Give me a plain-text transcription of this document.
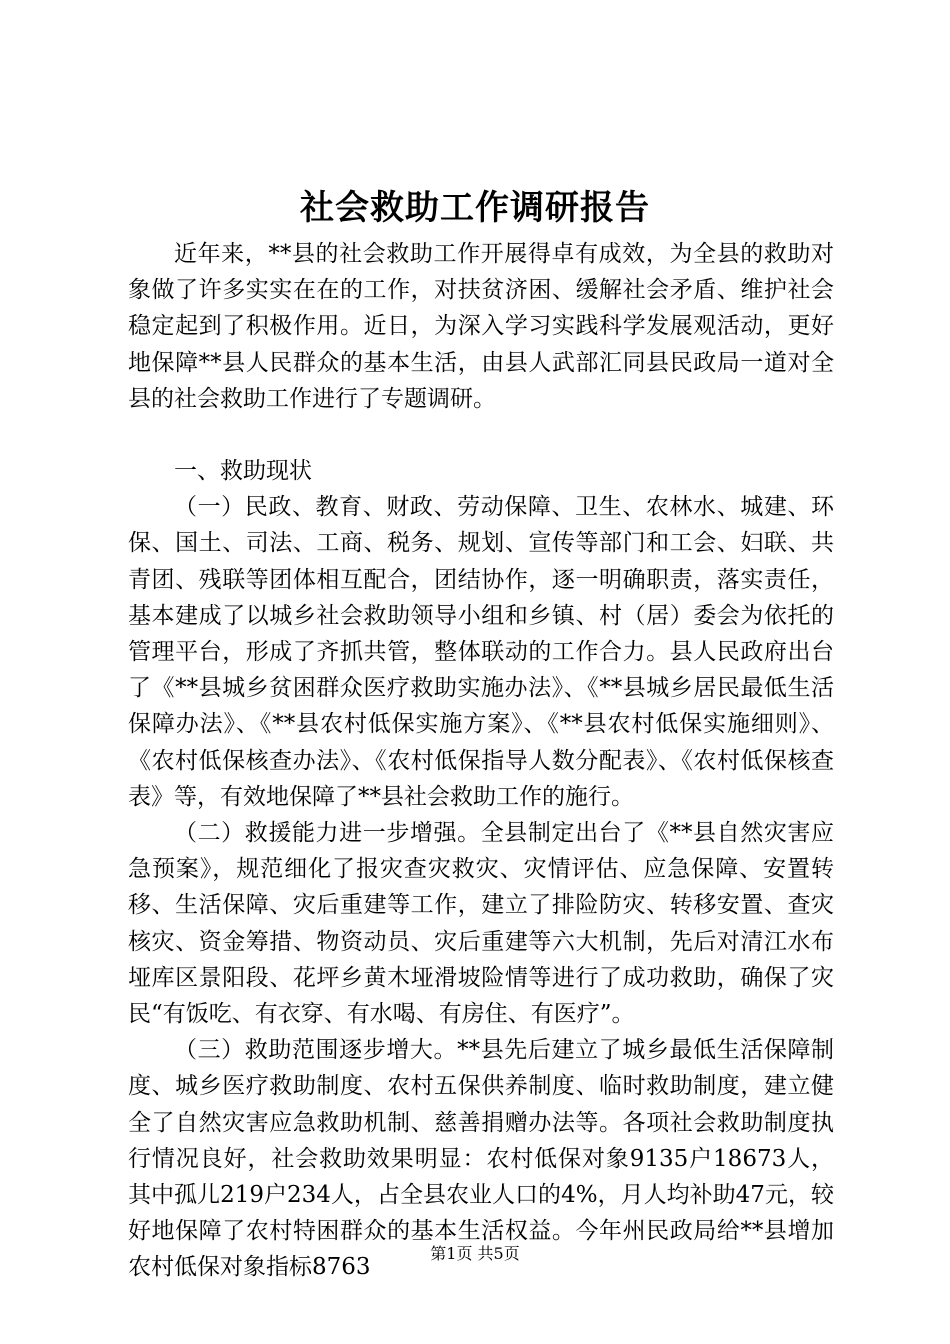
社会救助工作调研报告

近年来，**县的社会救助工作开展得卓有成效，为全县的救助对象做了许多实实在在的工作，对扶贫济困、缓解社会矛盾、维护社会稳定起到了积极作用。近日，为深入学习实践科学发展观活动，更好地保障**县人民群众的基本生活，由县人武部汇同县民政局一道对全县的社会救助工作进行了专题调研。

一、救助现状

（一）民政、教育、财政、劳动保障、卫生、农林水、城建、环保、国土、司法、工商、税务、规划、宣传等部门和工会、妇联、共青团、残联等团体相互配合，团结协作，逐一明确职责，落实责任，基本建成了以城乡社会救助领导小组和乡镇、村（居）委会为依托的管理平台，形成了齐抓共管，整体联动的工作合力。县人民政府出台了《**县城乡贫困群众医疗救助实施办法》、《**县城乡居民最低生活保障办法》、《**县农村低保实施方案》、《**县农村低保实施细则》、《农村低保核查办法》、《农村低保指导人数分配表》、《农村低保核查表》等，有效地保障了**县社会救助工作的施行。

（二）救援能力进一步增强。全县制定出台了《**县自然灾害应急预案》，规范细化了报灾查灾救灾、灾情评估、应急保障、安置转移、生活保障、灾后重建等工作，建立了排险防灾、转移安置、查灾核灾、资金筹措、物资动员、灾后重建等六大机制，先后对清江水布垭库区景阳段、花坪乡黄木垭滑坡险情等进行了成功救助，确保了灾民“有饭吃、有衣穿、有水喝、有房住、有医疗”。

（三）救助范围逐步增大。**县先后建立了城乡最低生活保障制度、城乡医疗救助制度、农村五保供养制度、临时救助制度，建立健全了自然灾害应急救助机制、慈善捐赠办法等。各项社会救助制度执行情况良好，社会救助效果明显：农村低保对象9135户18673人，其中孤儿219户234人，占全县农业人口的4%，月人均补助47元，较好地保障了农村特困群众的基本生活权益。今年州民政局给**县增加农村低保对象指标8763

第1页 共5页
